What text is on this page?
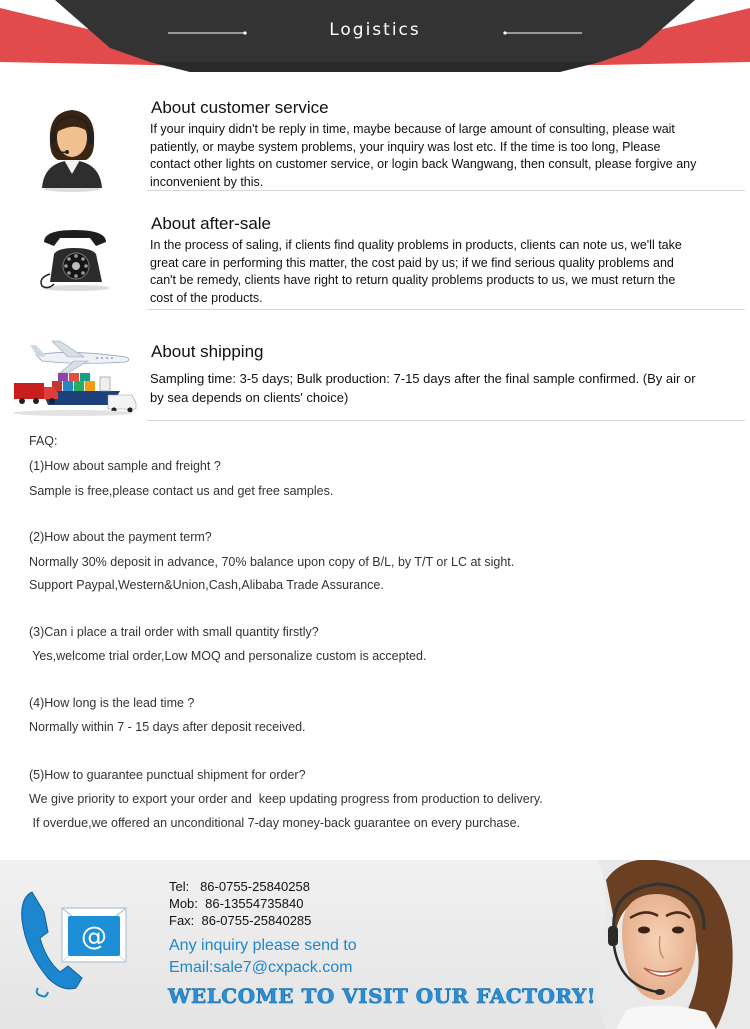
Logistics
About customer service
If your inquiry didn't be reply in time, maybe because of large amount of consulting, please wait
patiently, or maybe system problems, your inquiry was lost etc. If the time is too long, Please
contact other lights on customer service, or login back Wangwang, then consult, please forgive any
inconvenient by this.
About after-sale
In the process of saling, if clients find quality problems in products, clients can note us, we'll take
great care in performing this matter, the cost paid by us; if we find serious quality problems and
can't be remedy, clients have right to return quality problems products to us, we must return the
cost of the products.
About shipping
Sampling time: 3-5 days; Bulk production: 7-15 days after the final sample confirmed. (By air or
by sea depends on clients' choice)
FAQ:
(1)How about sample and freight ?
Sample is free,please contact us and get free samples.
(2)How about the payment term?
Normally 30% deposit in advance, 70% balance upon copy of B/L, by T/T or LC at sight.
Support Paypal,Western&Union,Cash,Alibaba Trade Assurance.
(3)Can i place a trail order with small quantity firstly?
Yes,welcome trial order,Low MOQ and personalize custom is accepted.
(4)How long is the lead time ?
Normally within 7 - 15 days after deposit received.
(5)How to guarantee punctual shipment for order?
We give priority to export your order and  keep updating progress from production to delivery.
If overdue,we offered an unconditional 7-day money-back guarantee on every purchase.
@
Tel:   86-0755-25840258
Mob:  86-13554735840
Fax:  86-0755-25840285
Any inquiry please send to
Email:sale7@cxpack.com
WELCOME TO VISIT OUR FACTORY!
